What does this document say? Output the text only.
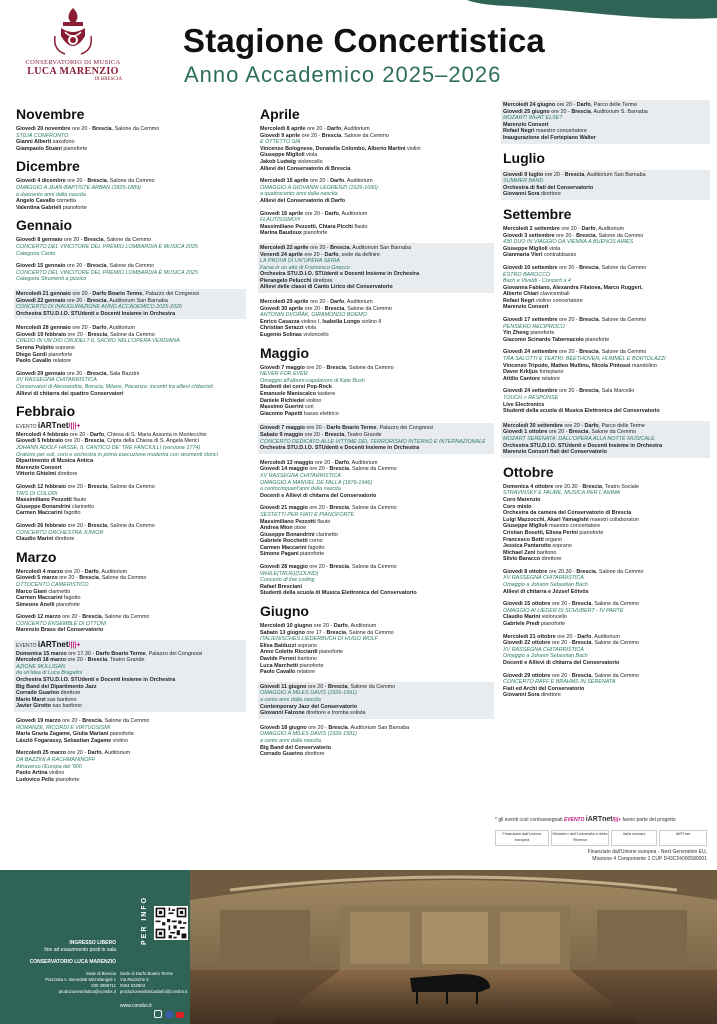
CONSERVATORIO DI MUSICA
LUCA MARENZIO
DI BRESCIA
Stagione Concertistica
Anno Accademico 2025–2026
Novembre
Giovedì 20 novembre ore 20 - Brescia, Salone da Cemmo
STILIA CONFRONTO
Gianni Alberti saxofono
Giampaolo Stuani pianoforte
Dicembre
Giovedì 4 dicembre ore 20 - Brescia, Salone da Cemmo
OMAGGIO A JEAN-BAPTISTE ARBAN (1825-1889)
a duecento anni dalla nascita
Angelo Cavallo cornetta
Valentina Gabrieli pianoforte
Gennaio
Giovedì 8 gennaio ore 20 - Brescia, Salone da Cemmo
CONCERTO DEL VINCITORE DEL PREMIO LOMBARDIA È MUSICA 2025
Categoria Canto
Giovedì 15 gennaio ore 20 - Brescia, Salone da Cemmo
CONCERTO DEL VINCITORE DEL PREMIO LOMBARDIA È MUSICA 2025
Categoria Strumenti a pizzico
Mercoledì 21 gennaio ore 20 - Darfo Boario Terme, Palazzo dei Congressi
Giovedì 22 gennaio ore 20 - Brescia, Auditorium San Barnaba
CONCERTO DI INAUGURAZIONE ANNO ACCADEMICO 2025-2026
Orchestra STU.D.I.O. STUdenti e Docenti Insieme in Orchestra
Mercoledì 28 gennaio ore 20 - Darfo, Auditorium
Giovedì 19 febbraio ore 20 - Brescia, Salone da Cemmo
CREDO IN UN DIO CRUDEL? IL SACRO NELL'OPERA VERDIANA
Serena Pulpito soprano
Diego Gordi pianoforte
Paolo Cavallo relatore
Giovedì 29 gennaio ore 20 - Brescia, Sala Bazzini
XV RASSEGNA CHITARRISTICA
Conservatori di Alessandria, Brescia, Milano, Piacenza: incontri tra allievi chitarristi
Allievi di chitarra dei quattro Conservatori
Febbraio
EVENTO iARTnet/|||+
Mercoledì 4 febbraio ore 20 - Darfo, Chiesa di S. Maria Assunta in Montecchio
Giovedì 5 febbraio ore 20 - Brescia, Cripta della Chiesa di S. Angela Merici
JOHANN ADOLF HASSE, IL CANTICO DE' TRE FANCIULLI (versione 1774)
Oratorio per soli, coro e orchestra in prima esecuzione moderna con strumenti storici
Dipartimento di Musica Antica
Marenzio Consort
Vittorio Ghielmi direttore
Giovedì 12 febbraio ore 20 - Brescia, Salone da Cemmo
TRIS DI COLORI
Massimiliano Pezzotti flauto
Giuseppe Bonandrini clarinetto
Carmen Maccarini fagotto
Giovedì 26 febbraio ore 20 - Brescia, Salone da Cemmo
CONCERTO ORCHESTRA JUNIOR
Claudio Marini direttore
Marzo
Mercoledì 4 marzo ore 20 - Darfo, Auditorium
Giovedì 5 marzo ore 20 - Brescia, Salone da Cemmo
OTTOCENTO CAMERISTICO
Marco Giani clarinetto
Carmen Maccarini fagotto
Simeone Anelli pianoforte
Giovedì 12 marzo ore 20 - Brescia, Salone da Cemmo
CONCERTO ENSEMBLE DI OTTONI
Marenzio Brass del Conservatorio
EVENTO iARTnet/|||+
Domenica 15 marzo ore 17.30 - Darfo Boario Terme, Palazzo dei Congressi
Mercoledì 18 marzo ore 20 - Brescia, Teatro Grande
AZIONE MULLIGAN
da un'idea di Luca Bragalini
Orchestra STU.D.I.O. STUdenti e Docenti Insieme in Orchestra
Big Band del Dipartimento Jazz
Corrado Guarino direttore
Mario Marzi sax baritono
Javier Girotto sax baritono
Giovedì 19 marzo ore 20 - Brescia, Salone da Cemmo
ROMANZE, RICORDI E VIRTUOSISMI
Maria Grazia Zagame, Giulia Mariani pianoforte
László Fogarassy, Sebastian Zagame violino
Mercoledì 25 marzo ore 20 - Darfo, Auditorium
DA BAZZINI A RACHMANINOFF
Attraverso l'Europa del '900
Paolo Artina violino
Ludovico Pelis pianoforte
Aprile
Mercoledì 8 aprile ore 20 - Darfo, Auditorium
Giovedì 9 aprile ore 20 - Brescia, Salone da Cemmo
E OTTETTO SIA
Vincenzo Bolognese, Donatella Colombo, Alberto Martini violini
Giuseppe Miglioli viola
Jakob Ludwig violoncello
Allievi del Conservatorio di Brescia
Mercoledì 15 aprile ore 20 - Darfo, Auditorium
OMAGGIO A GIOVANNI LEGRENZI (1626-1690)
a quattrocento anni dalla nascita
Allievi del Conservatorio di Darfo
Giovedì 16 aprile ore 20 - Darfo, Auditorium
FLAUTISSIMO!!!
Massimiliano Pezzotti, Chiara Picchi flauto
Marina Baudoux pianoforte
Mercoledì 22 aprile ore 20 - Brescia, Auditorium San Barnaba
Venerdì 24 aprile ore 20 - Darfo, sede da definire
LA PROVA DI UN'OPERA SERIA
Farsa in un atto di Francesco Gnecco
Orchestra STU.D.I.O. STUdenti e Docenti Insieme in Orchestra
Pierangelo Pelucchi direttore
Allievi delle classi di Canto Lirico del Conservatorio
Mercoledì 29 aprile ore 20 - Darfo, Auditorium
Giovedì 30 aprile ore 20 - Brescia, Salone da Cemmo
ANTONIN DVOŘÁK, GIRAMONDO BOEMO
Enrico Casazza violino I, Isabella Longo violino II
Christian Serazzi viola
Eugenio Solinas violoncello
Maggio
Giovedì 7 maggio ore 20 - Brescia, Salone da Cemmo
NEVER FOR EVER
Omaggio all'album-capolavoro di Kate Bush
Studenti dei corsi Pop-Rock
Emanuele Maniscalco tastiere
Daniele Richiedei violino
Massimo Guerini cori
Giacomo Papetti basso elettrico
Giovedì 7 maggio ore 20 - Darfo Boario Terme, Palazzo dei Congressi
Sabato 9 maggio ore 20 - Brescia, Teatro Grande
CONCERTO DEDICATO ALLE VITTIME DEL TERRORISMO INTERNO E INTERNAZIONALE
Orchestra STU.D.I.O. STUdenti e Docenti Insieme in Orchestra
Mercoledì 13 maggio ore 20 - Darfo, Auditorium
Giovedì 14 maggio ore 20 - Brescia, Salone da Cemmo
XV RASSEGNA CHITARRISTICA
OMAGGIO A MANUEL DE FALLA (1876-1946)
a centocinquant'anni dalla nascita
Docenti e Allievi di chitarra del Conservatorio
Giovedì 21 maggio ore 20 - Brescia, Salone da Cemmo
SESTETTI PER FIATI E PIANOFORTE
Massimiliano Pezzotti flauto
Andrea Mion oboe
Giuseppe Bonandrini clarinetto
Gabriele Rocchetti corno
Carmen Maccarini fagotto
Simone Pagani pianoforte
Giovedì 28 maggio ore 20 - Brescia, Salone da Cemmo
WHILE(TRUE){SOUND}
Concerto di live coding
Rafael Bresciani
Studenti della scuola di Musica Elettronica del Conservatorio
Giugno
Mercoledì 10 giugno ore 20 - Darfo, Auditorium
Sabato 13 giugno ore 17 - Brescia, Salone da Cemmo
ITALIENISCHES LIEDERBUCH DI HUGO WOLF
Elisa Balduzzi soprano
Anne Colette Ricciardi pianoforte
Davide Peroni baritono
Luca Marchetti pianoforte
Paolo Cavallo relatore
Giovedì 11 giugno ore 20 - Brescia, Salone da Cemmo
OMAGGIO A MILES DAVIS (1926-1991)
a cento anni dalla nascita
Contemporary Jazz del Conservatorio
Giovanni Falzone direttore e tromba solista
Giovedì 18 giugno ore 20 - Brescia, Auditorium San Barnaba
OMAGGIO A MILES DAVIS (1926-1991)
a cento anni dalla nascita
Big Band del Conservatorio
Corrado Guarino direttore
Mercoledì 24 giugno ore 20 - Darfo, Parco delle Terme
Giovedì 25 giugno ore 20 - Brescia, Auditorium S. Barnaba
MOZART! WHAT ELSE?
Marenzio Consort
Refael Negri maestro concertatore
Inaugurazione del Fortepiano Walter
Luglio
Giovedì 9 luglio ore 20 - Brescia, Auditorium San Barnaba
SUMMER BAND
Orchestra di fiati del Conservatorio
Giovanni Sora direttore
Settembre
Mercoledì 2 settembre ore 20 - Darfo, Auditorium
Giovedì 3 settembre ore 20 - Brescia, Salone da Cemmo
430 DUO IN VIAGGIO DA VIENNA A BUENOS AIRES
Giuseppe Miglioli viola
Gianmaria Vieri contrabbasso
Giovedì 10 settembre ore 20 - Brescia, Salone da Cemmo
ESTRO BAROCCO
Bach e Vivaldi - Concerti a 4
Giovanna Fabiano, Alexandra Filatova, Marco Ruggeri,
Alberto Chiari clavicembali
Refael Negri violino concertatore
Marenzio Consort
Giovedì 17 settembre ore 20 - Brescia, Salone da Cemmo
PENSIERO RECIPROCO
Yin Zheng pianoforte
Giacomo Scinardo Tabernacolo pianoforte
Giovedì 24 settembre ore 20 - Brescia, Salone da Cemmo
TRA SALOTTI E TEATRI: BEETHOVEN, HUMMEL E BORTOLAZZI
Vincenzo Tripodo, Matteo Multinu, Nicola Pintossi mandolino
Davor Krkljus fortepiano
Attilio Cantore relatore
Giovedì 24 settembre ore 20 - Brescia, Sala Marcello
TOUCH > RESPONSE
Live Electronics
Studenti della scuola di Musica Elettronica del Conservatorio
Mercoledì 30 settembre ore 20 - Darfo, Parco delle Terme
Giovedì 1 ottobre ore 20 - Brescia, Salone da Cemmo
MOZART SERENATA: DALL'OPERA ALLA NOTTE MUSICALE
Orchestra STU.D.I.O. STUdenti e Docenti Insieme in Orchestra
Marenzio Consort fiati del Conservatorio
Ottobre
Domenica 4 ottobre ore 20.30 - Brescia, Teatro Sociale
STRAVINSKY E FAURÉ, MUSICA PER L'ANIMA
Coro Marenzio
Coro misto
Orchestra da camera del Conservatorio di Brescia
Luigi Mazzocchi, Akari Yamagishi maestri collaboratori
Giuseppe Miglioli maestro concertatore
Cristian Bosetti, Elisea Perini pianoforte
Francesco Botti organo
Jessica Pantarotto soprano
Michael Zeni baritono
Silvio Baracco direttore
Giovedì 8 ottobre ore 20.30 - Brescia, Salone da Cemmo
XV RASSEGNA CHITARRISTICA
Omaggio a Johann Sebastian Bach
Allievi di chitarra e József Eötvös
Giovedì 15 ottobre ore 20 - Brescia, Salone da Cemmo
OMAGGIO AI LIEDER DI SCHUBERT - IV PARTE
Claudio Marini violoncello
Gabriele Predi pianoforte
Mercoledì 21 ottobre ore 20 - Darfo, Auditorium
Giovedì 22 ottobre ore 20 - Brescia, Salone da Cemmo
XV RASSEGNA CHITARRISTICA
Omaggio a Johann Sebastian Bach
Docenti e Allievi di chitarra del Conservatorio
Giovedì 29 ottobre ore 20 - Brescia, Salone da Cemmo
CONCERTO RAFF E BRAHMS IN SERENATA
Fiati ed Archi del Conservatorio
Giovanni Sora direttore
* gli eventi così contrassegnati EVENTO iARTnet/|||+ fanno parte del progetto
Finanziato dall'Unione europea
Ministero dell'Università e della Ricerca
Italia domani	iARTnet
Finanziato dall'Unione europea - Next Generation EU,
Missione 4 Componente 1 CUP D43C24000580001
INGRESSO LIBERO
fino ad esaurimento posti in sala
CONSERVATORIO LUCA MARENZIO
Sede di Brescia
Piazzetta A. Benedetti Michelangeli 1
030 2886711
produzioneartistica@consbs.it
Sede di Darfo Boario Terme
Via Razziche 5
0364 532904
produzioneartisticadarfo@consbs.it
www.consbs.it

PER INFO
